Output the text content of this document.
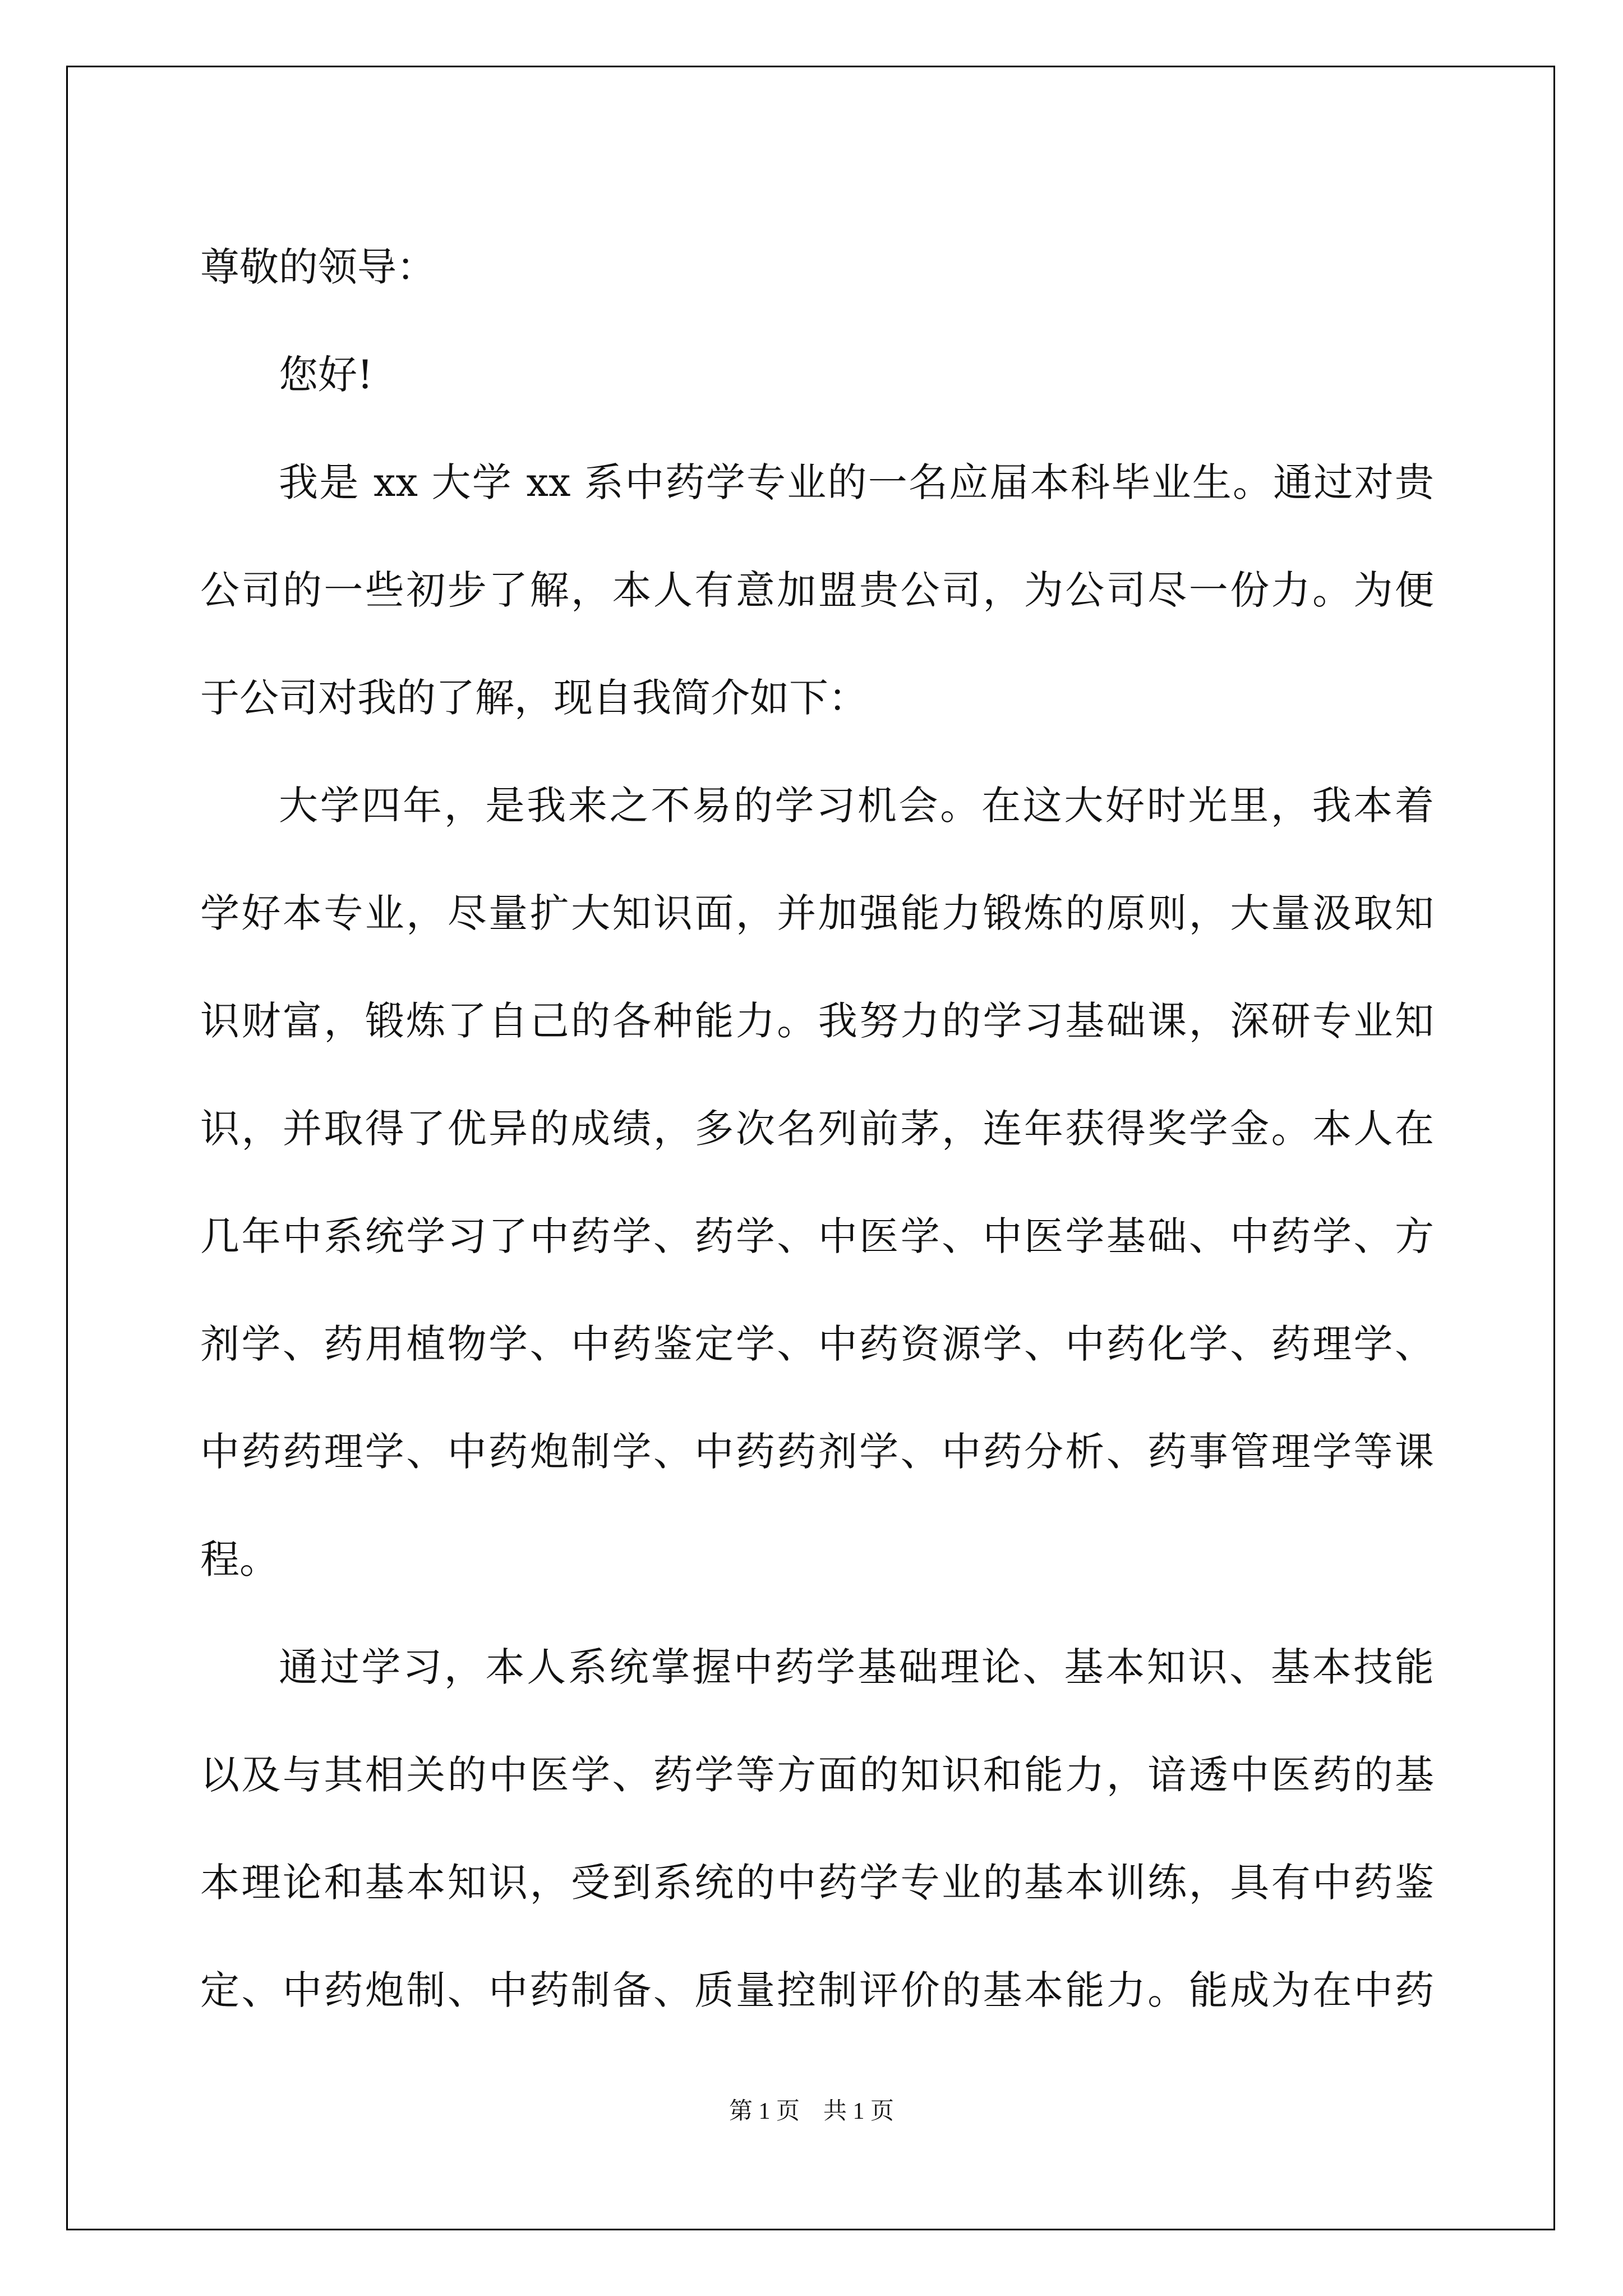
尊敬的领导：
您好!
我是 xx 大学 xx 系中药学专业的一名应届本科毕业生。通过对贵
公司的一些初步了解，本人有意加盟贵公司，为公司尽一份力。为便
于公司对我的了解，现自我简介如下：
大学四年，是我来之不易的学习机会。在这大好时光里，我本着
学好本专业，尽量扩大知识面，并加强能力锻炼的原则，大量汲取知
识财富，锻炼了自己的各种能力。我努力的学习基础课，深研专业知
识，并取得了优异的成绩，多次名列前茅，连年获得奖学金。本人在
几年中系统学习了中药学、药学、中医学、中医学基础、中药学、方
剂学、药用植物学、中药鉴定学、中药资源学、中药化学、药理学、
中药药理学、中药炮制学、中药药剂学、中药分析、药事管理学等课
程。
通过学习，本人系统掌握中药学基础理论、基本知识、基本技能
以及与其相关的中医学、药学等方面的知识和能力，谙透中医药的基
本理论和基本知识，受到系统的中药学专业的基本训练，具有中药鉴
定、中药炮制、中药制备、质量控制评价的基本能力。能成为在中药
第 1 页    共 1 页
